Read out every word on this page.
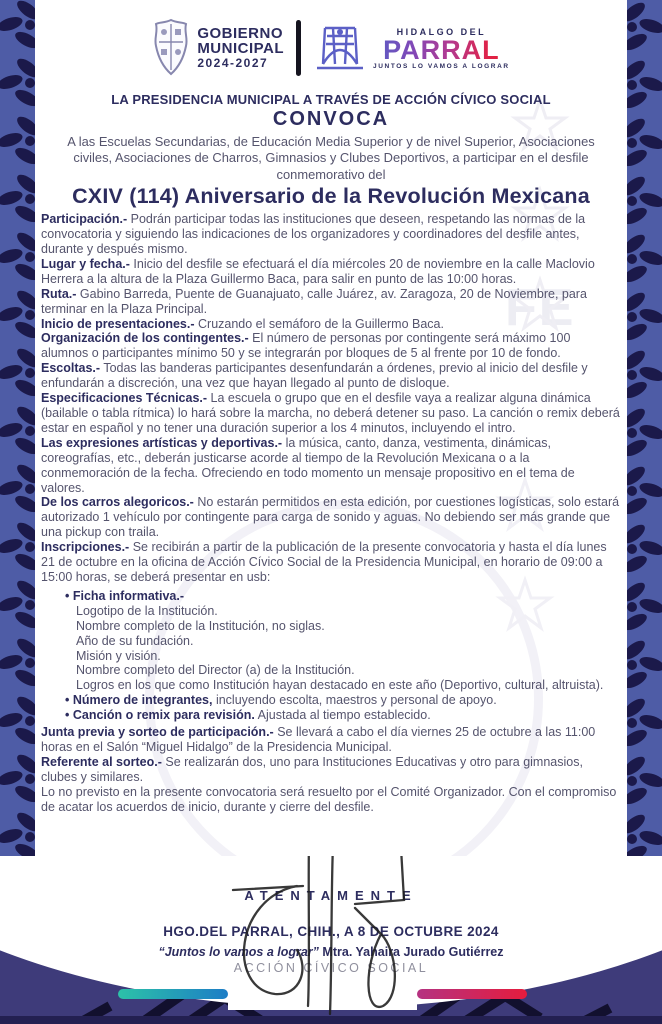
FE
GOBIERNO
MUNICIPAL
2024-2027
HIDALGO DEL
PARRAL
JUNTOS LO VAMOS A LOGRAR
LA PRESIDENCIA MUNICIPAL A TRAVÉS DE ACCIÓN CÍVICO SOCIAL
CONVOCA
A las Escuelas Secundarias, de Educación Media Superior y de nivel Superior, Asociaciones civiles, Asociaciones de Charros, Gimnasios y Clubes Deportivos, a participar en el desfile conmemorativo del
CXIV (114) Aniversario de la Revolución Mexicana

Participación.- Podrán participar todas las instituciones que deseen, respetando las normas de la convocatoria y siguiendo las indicaciones de los organizadores y coordinadores del desfile antes, durante y después mismo.

Lugar y fecha.- Inicio del desfile se efectuará el día miércoles 20 de noviembre en la calle Maclovio Herrera a la altura de la Plaza Guillermo Baca, para salir en punto de las 10:00 horas.

Ruta.- Gabino Barreda, Puente de Guanajuato, calle Juárez, av. Zaragoza, 20 de Noviembre, para terminar en la Plaza Principal.

Inicio de presentaciones.- Cruzando el semáforo de la Guillermo Baca.

Organización de los contingentes.- El número de personas por contingente será máximo 100 alumnos o participantes mínimo 50 y se integrarán por bloques de 5 al frente por 10 de fondo.

Escoltas.- Todas las banderas participantes desenfundarán a órdenes, previo al inicio del desfile y enfundarán a discreción, una vez que hayan llegado al punto de disloque.

Especificaciones Técnicas.- La escuela o grupo que en el desfile vaya a realizar alguna dinámica (bailable o tabla rítmica) lo hará sobre la marcha, no deberá detener su paso. La canción o remix deberá estar en español y no tener una duración superior a los 4 minutos, incluyendo el intro.

Las expresiones artísticas y deportivas.- la música, canto, danza, vestimenta, dinámicas, coreografías, etc., deberán justicarse acorde al tiempo de la Revolución Mexicana o a la conmemoración de la fecha. Ofreciendo en todo momento un mensaje propositivo en el tema de valores.

De los carros alegoricos.- No estarán permitidos en esta edición, por cuestiones logísticas, solo estará autorizado 1 vehículo por contingente para carga de sonido y aguas. No debiendo ser más grande que una pickup con traila.

Inscripciones.- Se recibirán a partir de la publicación de la presente convocatoria y hasta el día lunes 21 de octubre en la oficina de Acción Cívico Social de la Presidencia Municipal, en horario de 09:00 a 15:00 horas, se deberá presentar en usb:

• Ficha informativa.-
Logotipo de la Institución.
Nombre completo de la Institución, no siglas.
Año de su fundación.
Misión y visión.
Nombre completo del Director (a) de la Institución.
Logros en los que como Institución hayan destacado en este año (Deportivo, cultural, altruista).
• Número de integrantes, incluyendo escolta, maestros y personal de apoyo.
• Canción o remix para revisión. Ajustada al tiempo establecido.

Junta previa y sorteo de participación.- Se llevará a cabo el día viernes 25 de octubre a las 11:00 horas en el Salón “Miguel Hidalgo” de la Presidencia Municipal.

Referente al sorteo.- Se realizarán dos, uno para Instituciones Educativas y otro para gimnasios, clubes y similares.

Lo no previsto en la presente convocatoria será resuelto por el Comité Organizador. Con el compromiso de acatar los acuerdos de inicio, durante y cierre del desfile.

ATENTAMENTE
HGO.DEL PARRAL, CHIH., A 8 DE OCTUBRE 2024
“Juntos lo vamos a lograr” Mtra. Yahaira Jurado Gutiérrez
ACCIÓN CÍVICO SOCIAL
